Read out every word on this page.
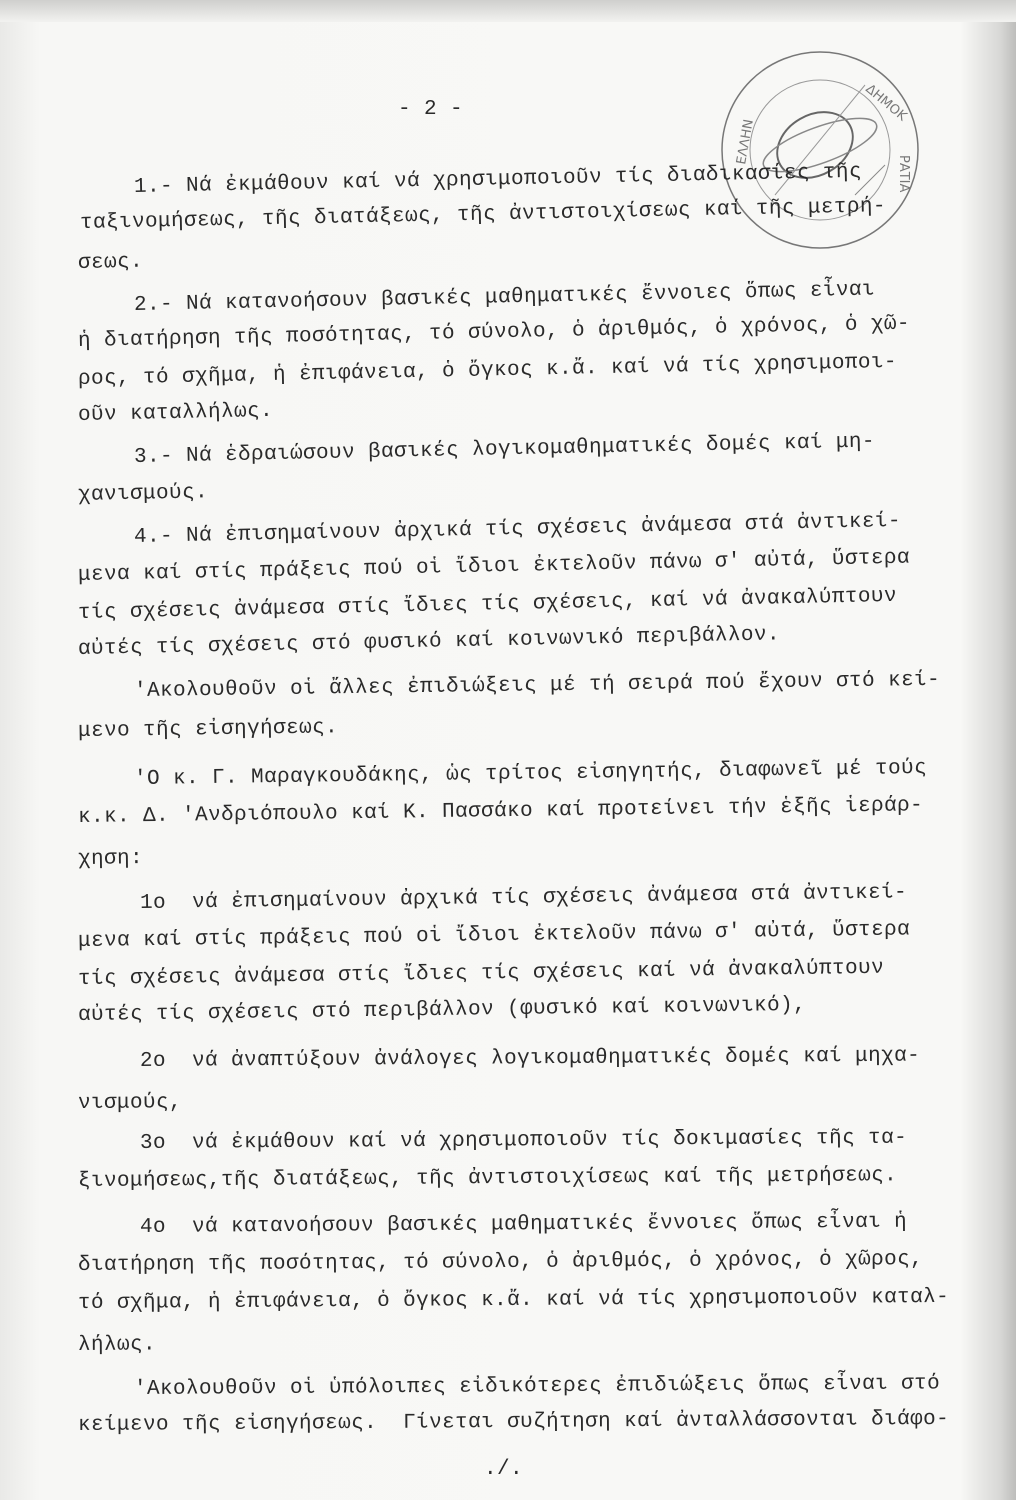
ΔΗΜΟΚ
ΡΑΤΙΑ
ΕΛΛΗΝ
- 2 -
1.- Νά ἐκμάθουν καί νά χρησιμοποιοῦν τίς διαδικασίες τῆς
ταξινομήσεως, τῆς διατάξεως, τῆς ἀντιστοιχίσεως καί τῆς μετρή-
σεως.
2.- Νά κατανοήσουν βασικές μαθηματικές ἔννοιες ὅπως εἶναι
ἡ διατήρηση τῆς ποσότητας, τό σύνολο, ὁ ἀριθμός, ὁ χρόνος, ὁ χῶ-
ρος, τό σχῆμα, ἡ ἐπιφάνεια, ὁ ὄγκος κ.ἄ. καί νά τίς χρησιμοποι-
οῦν καταλλήλως.
3.- Νά ἑδραιώσουν βασικές λογικομαθηματικές δομές καί μη-
χανισμούς.
4.- Νά ἐπισημαίνουν ἀρχικά τίς σχέσεις ἀνάμεσα στά ἀντικεί-
μενα καί στίς πράξεις πού οἱ ἴδιοι ἐκτελοῦν πάνω σ' αὐτά, ὕστερα
τίς σχέσεις ἀνάμεσα στίς ἴδιες τίς σχέσεις, καί νά ἀνακαλύπτουν
αὐτές τίς σχέσεις στό φυσικό καί κοινωνικό περιβάλλον.
'Ακολουθοῦν οἱ ἄλλες ἐπιδιώξεις μέ τή σειρά πού ἔχουν στό κεί-
μενο τῆς εἰσηγήσεως.
'Ο κ. Γ. Μαραγκουδάκης, ὡς τρίτος εἰσηγητής, διαφωνεῖ μέ τούς
κ.κ. Δ. 'Ανδριόπουλο καί Κ. Πασσάκο καί προτείνει τήν ἑξῆς ἱεράρ-
χηση:
1ο  νά ἐπισημαίνουν ἀρχικά τίς σχέσεις ἀνάμεσα στά ἀντικεί-
μενα καί στίς πράξεις πού οἱ ἴδιοι ἐκτελοῦν πάνω σ' αὐτά, ὕστερα
τίς σχέσεις ἀνάμεσα στίς ἴδιες τίς σχέσεις καί νά ἀνακαλύπτουν
αὐτές τίς σχέσεις στό περιβάλλον (φυσικό καί κοινωνικό),
2ο  νά ἀναπτύξουν ἀνάλογες λογικομαθηματικές δομές καί μηχα-
νισμούς,
3ο  νά ἐκμάθουν καί νά χρησιμοποιοῦν τίς δοκιμασίες τῆς τα-
ξινομήσεως,τῆς διατάξεως, τῆς ἀντιστοιχίσεως καί τῆς μετρήσεως.
4ο  νά κατανοήσουν βασικές μαθηματικές ἔννοιες ὅπως εἶναι ἡ
διατήρηση τῆς ποσότητας, τό σύνολο, ὁ ἀριθμός, ὁ χρόνος, ὁ χῶρος,
τό σχῆμα, ἡ ἐπιφάνεια, ὁ ὄγκος κ.ἄ. καί νά τίς χρησιμοποιοῦν καταλ-
λήλως.
'Ακολουθοῦν οἱ ὑπόλοιπες εἰδικότερες ἐπιδιώξεις ὅπως εἶναι στό
κείμενο τῆς εἰσηγήσεως.  Γίνεται συζήτηση καί ἀνταλλάσσονται διάφο-
./.
